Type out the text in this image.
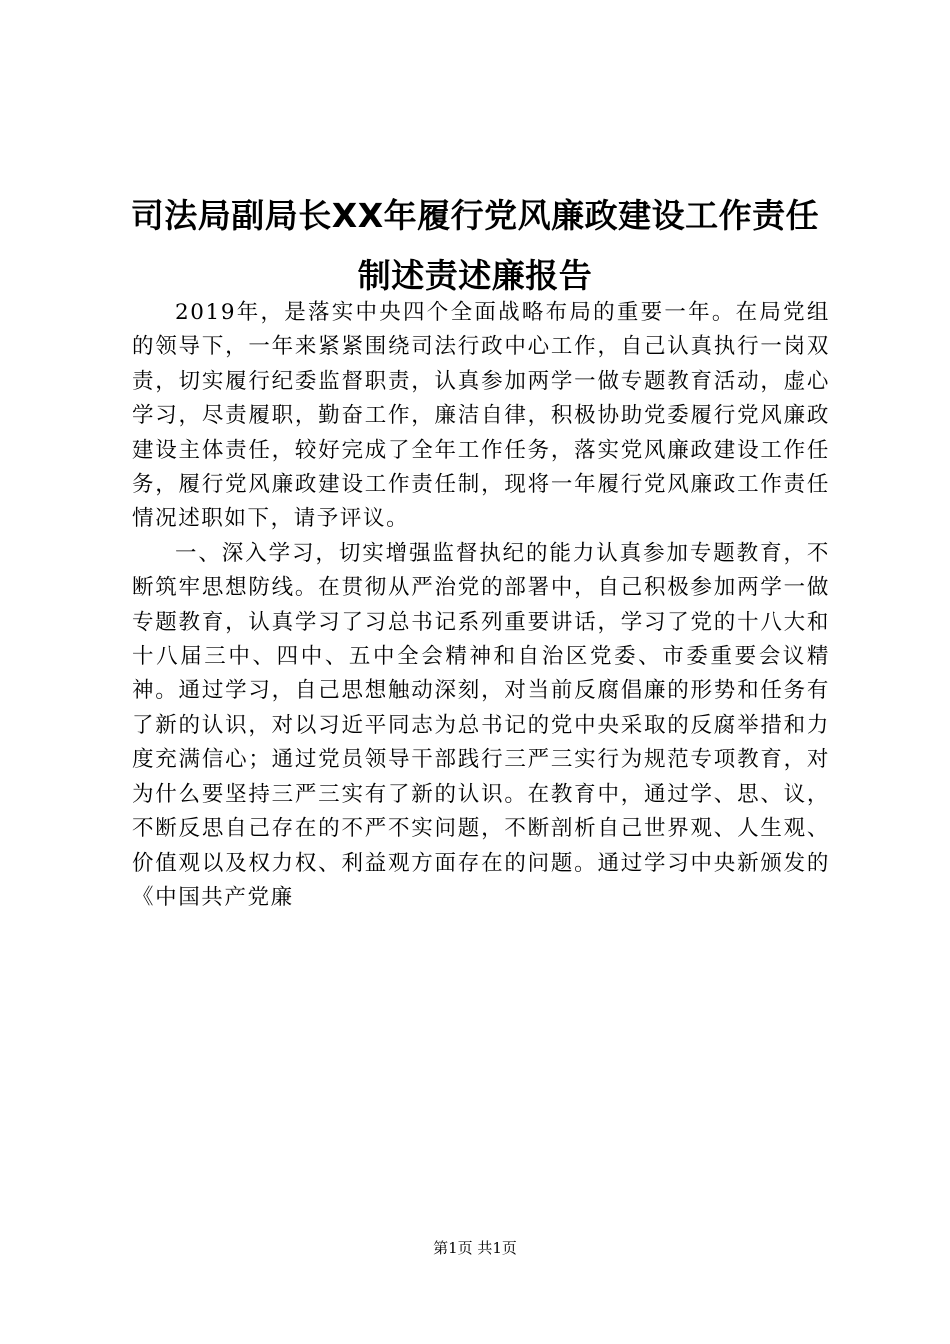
司法局副局长XX年履行党风廉政建设工作责任制述责述廉报告

2019年，是落实中央四个全面战略布局的重要一年。在局党组的领导下，一年来紧紧围绕司法行政中心工作，自己认真执行一岗双责，切实履行纪委监督职责，认真参加两学一做专题教育活动，虚心学习，尽责履职，勤奋工作，廉洁自律，积极协助党委履行党风廉政建设主体责任，较好完成了全年工作任务，落实党风廉政建设工作任务，履行党风廉政建设工作责任制，现将一年履行党风廉政工作责任情况述职如下，请予评议。

一、深入学习，切实增强监督执纪的能力认真参加专题教育，不断筑牢思想防线。在贯彻从严治党的部署中，自己积极参加两学一做专题教育，认真学习了习总书记系列重要讲话，学习了党的十八大和十八届三中、四中、五中全会精神和自治区党委、市委重要会议精神。通过学习，自己思想触动深刻，对当前反腐倡廉的形势和任务有了新的认识，对以习近平同志为总书记的党中央采取的反腐举措和力度充满信心；通过党员领导干部践行三严三实行为规范专项教育，对为什么要坚持三严三实有了新的认识。在教育中，通过学、思、议，不断反思自己存在的不严不实问题，不断剖析自己世界观、人生观、价值观以及权力权、利益观方面存在的问题。通过学习中央新颁发的《中国共产党廉

第1页 共1页
